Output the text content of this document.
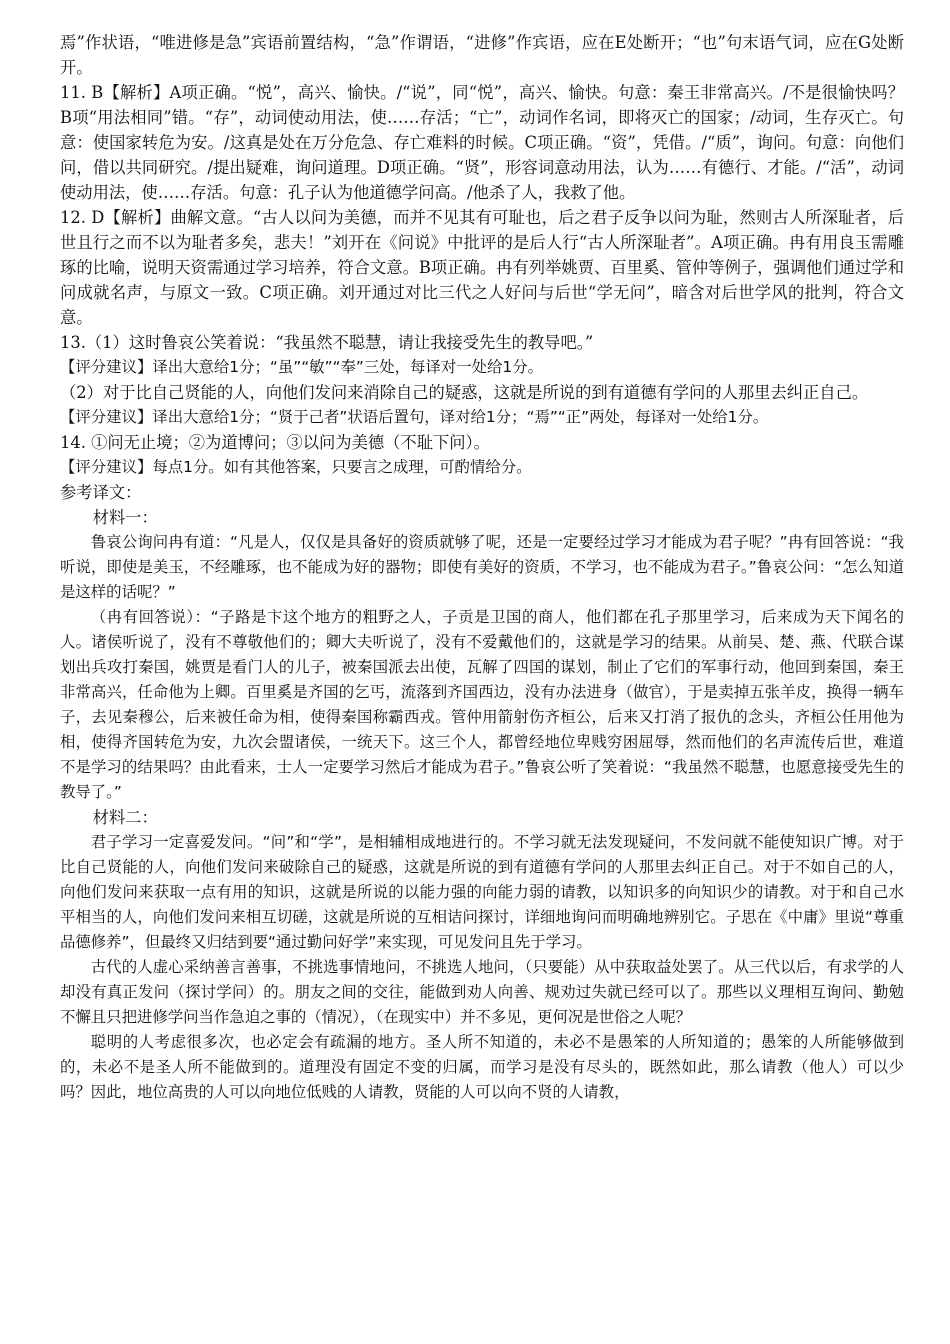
焉”作状语，“唯进修是急”宾语前置结构，“急”作谓语，“进修”作宾语，应在E处断开；“也”句末语气词，应在G处断开。

11. B【解析】A项正确。“悦”，高兴、愉快。/“说”，同“悦”，高兴、愉快。句意：秦王非常高兴。/不是很愉快吗？B项“用法相同”错。“存”，动词使动用法，使……存活；“亡”，动词作名词，即将灭亡的国家；/动词，生存灭亡。句意：使国家转危为安。/这真是处在万分危急、存亡难料的时候。C项正确。“资”，凭借。/“质”，询问。句意：向他们问，借以共同研究。/提出疑难，询问道理。D项正确。“贤”，形容词意动用法，认为……有德行、才能。/“活”，动词使动用法，使……存活。句意：孔子认为他道德学问高。/他杀了人，我救了他。

12. D【解析】曲解文意。“古人以问为美德，而并不见其有可耻也，后之君子反争以问为耻，然则古人所深耻者，后世且行之而不以为耻者多矣，悲夫！”刘开在《问说》中批评的是后人行“古人所深耻者”。A项正确。冉有用良玉需雕琢的比喻，说明天资需通过学习培养，符合文意。B项正确。冉有列举姚贾、百里奚、管仲等例子，强调他们通过学和问成就名声，与原文一致。C项正确。刘开通过对比三代之人好问与后世“学无问”，暗含对后世学风的批判，符合文意。

13.（1）这时鲁哀公笑着说：“我虽然不聪慧，请让我接受先生的教导吧。”

【评分建议】译出大意给1分；“虽”“敏”“奉”三处，每译对一处给1分。

（2）对于比自己贤能的人，向他们发问来消除自己的疑惑，这就是所说的到有道德有学问的人那里去纠正自己。

【评分建议】译出大意给1分；“贤于己者”状语后置句，译对给1分；“焉”“正”两处，每译对一处给1分。

14. ①问无止境；②为道博问；③以问为美德（不耻下问）。

【评分建议】每点1分。如有其他答案，只要言之成理，可酌情给分。

参考译文：

材料一：

鲁哀公询问冉有道：“凡是人，仅仅是具备好的资质就够了呢，还是一定要经过学习才能成为君子呢？”冉有回答说：“我听说，即使是美玉，不经雕琢，也不能成为好的器物；即使有美好的资质，不学习，也不能成为君子。”鲁哀公问：“怎么知道是这样的话呢？”

（冉有回答说）：“子路是卞这个地方的粗野之人，子贡是卫国的商人，他们都在孔子那里学习，后来成为天下闻名的人。诸侯听说了，没有不尊敬他们的；卿大夫听说了，没有不爱戴他们的，这就是学习的结果。从前吴、楚、燕、代联合谋划出兵攻打秦国，姚贾是看门人的儿子，被秦国派去出使，瓦解了四国的谋划，制止了它们的军事行动，他回到秦国，秦王非常高兴，任命他为上卿。百里奚是齐国的乞丐，流落到齐国西边，没有办法进身（做官），于是卖掉五张羊皮，换得一辆车子，去见秦穆公，后来被任命为相，使得秦国称霸西戎。管仲用箭射伤齐桓公，后来又打消了报仇的念头，齐桓公任用他为相，使得齐国转危为安，九次会盟诸侯，一统天下。这三个人，都曾经地位卑贱穷困屈辱，然而他们的名声流传后世，难道不是学习的结果吗？由此看来，士人一定要学习然后才能成为君子。”鲁哀公听了笑着说：“我虽然不聪慧，也愿意接受先生的教导了。”

材料二：

君子学习一定喜爱发问。“问”和“学”，是相辅相成地进行的。不学习就无法发现疑问，不发问就不能使知识广博。对于比自己贤能的人，向他们发问来破除自己的疑惑，这就是所说的到有道德有学问的人那里去纠正自己。对于不如自己的人，向他们发问来获取一点有用的知识，这就是所说的以能力强的向能力弱的请教，以知识多的向知识少的请教。对于和自己水平相当的人，向他们发问来相互切磋，这就是所说的互相诘问探讨，详细地询问而明确地辨别它。子思在《中庸》里说“尊重品德修养”，但最终又归结到要“通过勤问好学”来实现，可见发问且先于学习。

古代的人虚心采纳善言善事，不挑选事情地问，不挑选人地问，（只要能）从中获取益处罢了。从三代以后，有求学的人却没有真正发问（探讨学问）的。朋友之间的交往，能做到劝人向善、规劝过失就已经可以了。那些以义理相互询问、勤勉不懈且只把进修学问当作急迫之事的（情况），（在现实中）并不多见，更何况是世俗之人呢？

聪明的人考虑很多次，也必定会有疏漏的地方。圣人所不知道的，未必不是愚笨的人所知道的；愚笨的人所能够做到的，未必不是圣人所不能做到的。道理没有固定不变的归属，而学习是没有尽头的，既然如此，那么请教（他人）可以少吗？因此，地位高贵的人可以向地位低贱的人请教，贤能的人可以向不贤的人请教，
